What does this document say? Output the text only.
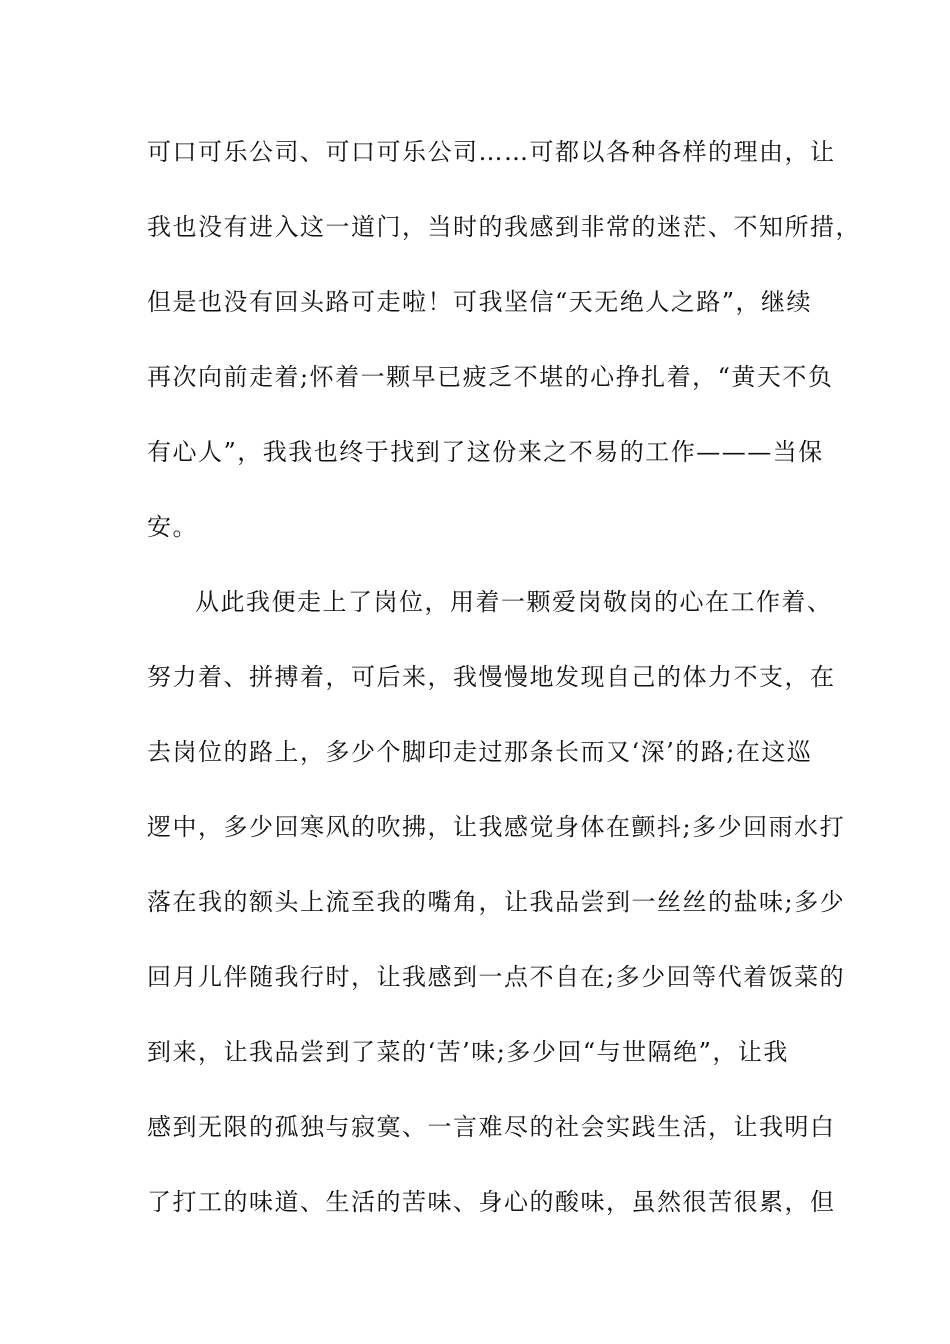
可口可乐公司、可口可乐公司……可都以各种各样的理由，让
我也没有进入这一道门，当时的我感到非常的迷茫、不知所措，
但是也没有回头路可走啦！可我坚信“天无绝人之路”，继续
再次向前走着;怀着一颗早已疲乏不堪的心挣扎着，“黄天不负
有心人”，我我也终于找到了这份来之不易的工作———当保
安。
从此我便走上了岗位，用着一颗爱岗敬岗的心在工作着、
努力着、拼搏着，可后来，我慢慢地发现自己的体力不支，在
去岗位的路上，多少个脚印走过那条长而又‘深’的路;在这巡
逻中，多少回寒风的吹拂，让我感觉身体在颤抖;多少回雨水打
落在我的额头上流至我的嘴角，让我品尝到一丝丝的盐味;多少
回月儿伴随我行时，让我感到一点不自在;多少回等代着饭菜的
到来，让我品尝到了菜的‘苦’味;多少回“与世隔绝”，让我
感到无限的孤独与寂寞、一言难尽的社会实践生活，让我明白
了打工的味道、生活的苦味、身心的酸味，虽然很苦很累，但
